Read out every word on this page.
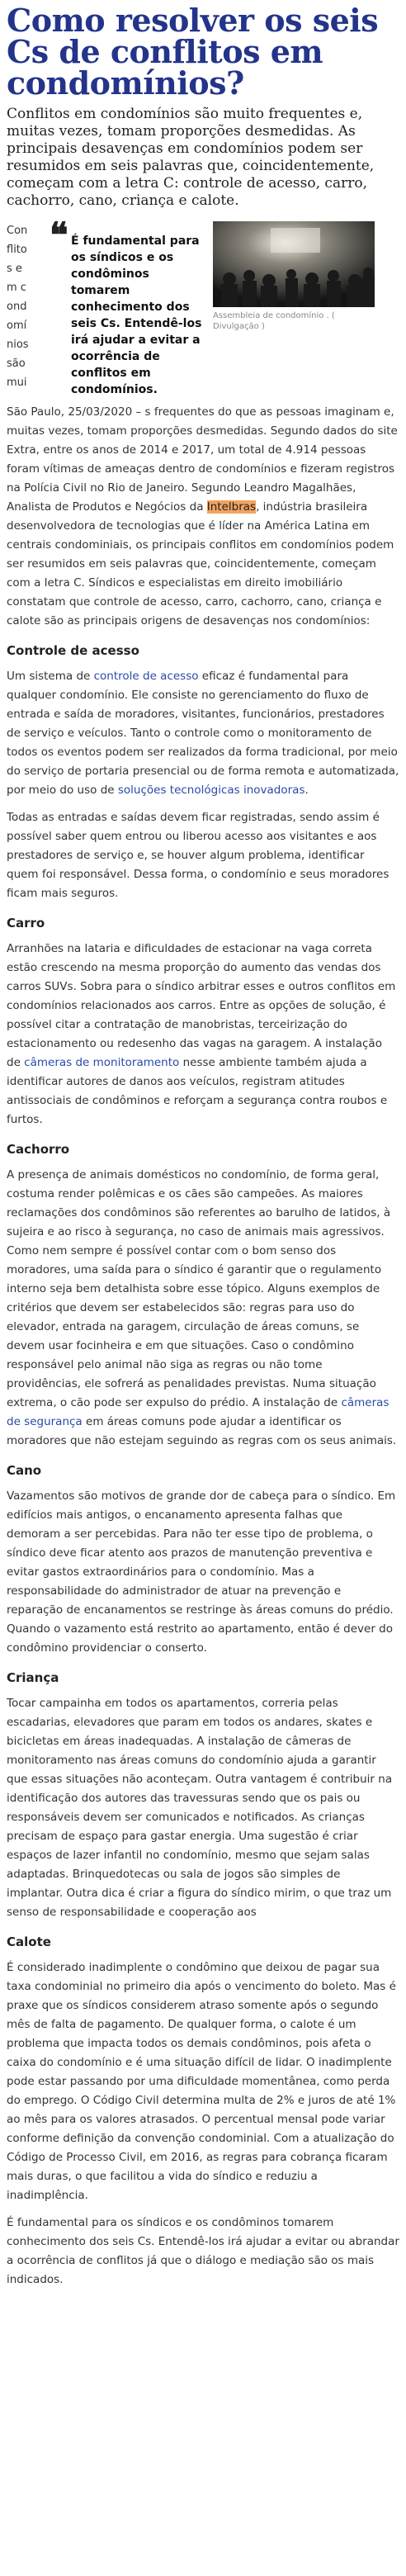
Como resolver os seis Cs de conflitos em condomínios?

Conflitos em condomínios são muito frequentes e, muitas vezes, tomam proporções desmedidas. As principais desavenças em condomínios podem ser resumidos em seis palavras que, coincidentemente, começam com a letra C: controle de acesso, carro, cachorro, cano, criança e calote.

Conflitos em condomínios são mui
❝ É fundamental para os síndicos e os condôminos tomarem conhecimento dos seis Cs. Entendê-los irá ajudar a evitar a ocorrência de conflitos em condomínios.
Assembleia de condomínio . ( Divulgação )

São Paulo, 25/03/2020 – s frequentes do que as pessoas imaginam e, muitas vezes, tomam proporções desmedidas. Segundo dados do site Extra, entre os anos de 2014 e 2017, um total de 4.914 pessoas foram vítimas de ameaças dentro de condomínios e fizeram registros na Polícia Civil no Rio de Janeiro. Segundo Leandro Magalhães, Analista de Produtos e Negócios da Intelbras, indústria brasileira desenvolvedora de tecnologias que é líder na América Latina em centrais condominiais, os principais conflitos em condomínios podem ser resumidos em seis palavras que, coincidentemente, começam com a letra C. Síndicos e especialistas em direito imobiliário constatam que controle de acesso, carro, cachorro, cano, criança e calote são as principais origens de desavenças nos condomínios:

Controle de acesso

Um sistema de controle de acesso eficaz é fundamental para qualquer condomínio. Ele consiste no gerenciamento do fluxo de entrada e saída de moradores, visitantes, funcionários, prestadores de serviço e veículos. Tanto o controle como o monitoramento de todos os eventos podem ser realizados da forma tradicional, por meio do serviço de portaria presencial ou de forma remota e automatizada, por meio do uso de soluções tecnológicas inovadoras.

Todas as entradas e saídas devem ficar registradas, sendo assim é possível saber quem entrou ou liberou acesso aos visitantes e aos prestadores de serviço e, se houver algum problema, identificar quem foi responsável. Dessa forma, o condomínio e seus moradores ficam mais seguros.

Carro

Arranhões na lataria e dificuldades de estacionar na vaga correta estão crescendo na mesma proporção do aumento das vendas dos carros SUVs. Sobra para o síndico arbitrar esses e outros conflitos em condomínios relacionados aos carros. Entre as opções de solução, é possível citar a contratação de manobristas, terceirização do estacionamento ou redesenho das vagas na garagem. A instalação de câmeras de monitoramento nesse ambiente também ajuda a identificar autores de danos aos veículos, registram atitudes antissociais de condôminos e reforçam a segurança contra roubos e furtos.

Cachorro

A presença de animais domésticos no condomínio, de forma geral, costuma render polêmicas e os cães são campeões. As maiores reclamações dos condôminos são referentes ao barulho de latidos, à sujeira e ao risco à segurança, no caso de animais mais agressivos. Como nem sempre é possível contar com o bom senso dos moradores, uma saída para o síndico é garantir que o regulamento interno seja bem detalhista sobre esse tópico. Alguns exemplos de critérios que devem ser estabelecidos são: regras para uso do elevador, entrada na garagem, circulação de áreas comuns, se devem usar focinheira e em que situações. Caso o condômino responsável pelo animal não siga as regras ou não tome providências, ele sofrerá as penalidades previstas. Numa situação extrema, o cão pode ser expulso do prédio. A instalação de câmeras de segurança em áreas comuns pode ajudar a identificar os moradores que não estejam seguindo as regras com os seus animais.

Cano

Vazamentos são motivos de grande dor de cabeça para o síndico. Em edifícios mais antigos, o encanamento apresenta falhas que demoram a ser percebidas. Para não ter esse tipo de problema, o síndico deve ficar atento aos prazos de manutenção preventiva e evitar gastos extraordinários para o condomínio. Mas a responsabilidade do administrador de atuar na prevenção e reparação de encanamentos se restringe às áreas comuns do prédio. Quando o vazamento está restrito ao apartamento, então é dever do condômino providenciar o conserto.

Criança

Tocar campainha em todos os apartamentos, correria pelas escadarias, elevadores que param em todos os andares, skates e bicicletas em áreas inadequadas. A instalação de câmeras de monitoramento nas áreas comuns do condomínio ajuda a garantir que essas situações não aconteçam. Outra vantagem é contribuir na identificação dos autores das travessuras sendo que os pais ou responsáveis devem ser comunicados e notificados. As crianças precisam de espaço para gastar energia. Uma sugestão é criar espaços de lazer infantil no condomínio, mesmo que sejam salas adaptadas. Brinquedotecas ou sala de jogos são simples de implantar. Outra dica é criar a figura do síndico mirim, o que traz um senso de responsabilidade e cooperação aos

Calote

É considerado inadimplente o condômino que deixou de pagar sua taxa condominial no primeiro dia após o vencimento do boleto. Mas é praxe que os síndicos considerem atraso somente após o segundo mês de falta de pagamento. De qualquer forma, o calote é um problema que impacta todos os demais condôminos, pois afeta o caixa do condomínio e é uma situação difícil de lidar. O inadimplente pode estar passando por uma dificuldade momentânea, como perda do emprego. O Código Civil determina multa de 2% e juros de até 1% ao mês para os valores atrasados. O percentual mensal pode variar conforme definição da convenção condominial. Com a atualização do Código de Processo Civil, em 2016, as regras para cobrança ficaram mais duras, o que facilitou a vida do síndico e reduziu a inadimplência.

É fundamental para os síndicos e os condôminos tomarem conhecimento dos seis Cs. Entendê-los irá ajudar a evitar ou abrandar a ocorrência de conflitos já que o diálogo e mediação são os mais indicados.
